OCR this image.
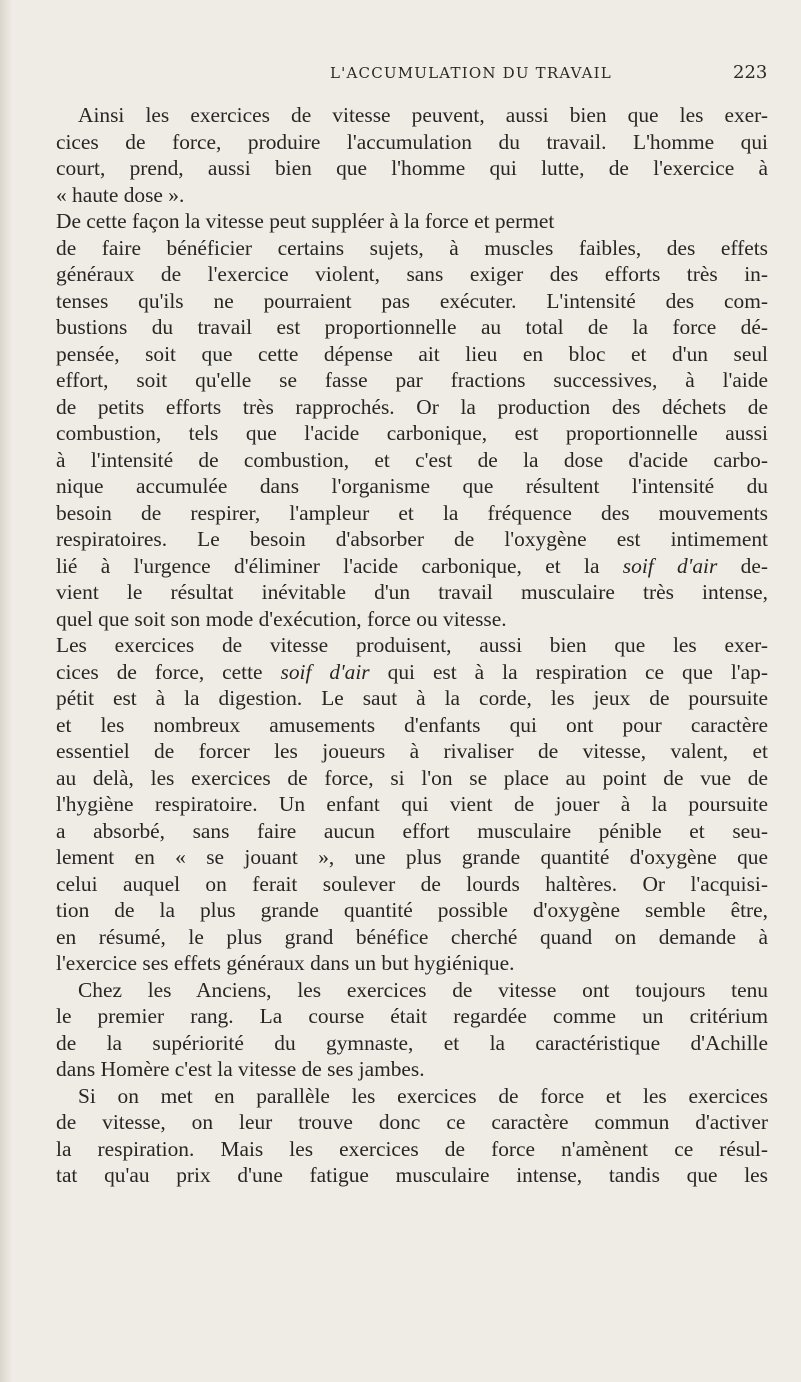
L'ACCUMULATION DU TRAVAIL	223

Ainsi les exercices de vitesse peuvent, aussi bien que les exer-
cices de force, produire l'accumulation du travail. L'homme qui
court, prend, aussi bien que l'homme qui lutte, de l'exercice à
« haute dose ».

De cette façon la vitesse peut suppléer à la force et permet
de faire bénéficier certains sujets, à muscles faibles, des effets
généraux de l'exercice violent, sans exiger des efforts très in-
tenses qu'ils ne pourraient pas exécuter. L'intensité des com-
bustions du travail est proportionnelle au total de la force dé-
pensée, soit que cette dépense ait lieu en bloc et d'un seul
effort, soit qu'elle se fasse par fractions successives, à l'aide
de petits efforts très rapprochés. Or la production des déchets de
combustion, tels que l'acide carbonique, est proportionnelle aussi
à l'intensité de combustion, et c'est de la dose d'acide carbo-
nique accumulée dans l'organisme que résultent l'intensité du
besoin de respirer, l'ampleur et la fréquence des mouvements
respiratoires. Le besoin d'absorber de l'oxygène est intimement
lié à l'urgence d'éliminer l'acide carbonique, et la soif d'air de-
vient le résultat inévitable d'un travail musculaire très intense,
quel que soit son mode d'exécution, force ou vitesse.

Les exercices de vitesse produisent, aussi bien que les exer-
cices de force, cette soif d'air qui est à la respiration ce que l'ap-
pétit est à la digestion. Le saut à la corde, les jeux de poursuite
et les nombreux amusements d'enfants qui ont pour caractère
essentiel de forcer les joueurs à rivaliser de vitesse, valent, et
au delà, les exercices de force, si l'on se place au point de vue de
l'hygiène respiratoire. Un enfant qui vient de jouer à la poursuite
a absorbé, sans faire aucun effort musculaire pénible et seu-
lement en « se jouant », une plus grande quantité d'oxygène que
celui auquel on ferait soulever de lourds haltères. Or l'acquisi-
tion de la plus grande quantité possible d'oxygène semble être,
en résumé, le plus grand bénéfice cherché quand on demande à
l'exercice ses effets généraux dans un but hygiénique.

Chez les Anciens, les exercices de vitesse ont toujours tenu
le premier rang. La course était regardée comme un critérium
de la supériorité du gymnaste, et la caractéristique d'Achille
dans Homère c'est la vitesse de ses jambes.

Si on met en parallèle les exercices de force et les exercices
de vitesse, on leur trouve donc ce caractère commun d'activer
la respiration. Mais les exercices de force n'amènent ce résul-
tat qu'au prix d'une fatigue musculaire intense, tandis que les
